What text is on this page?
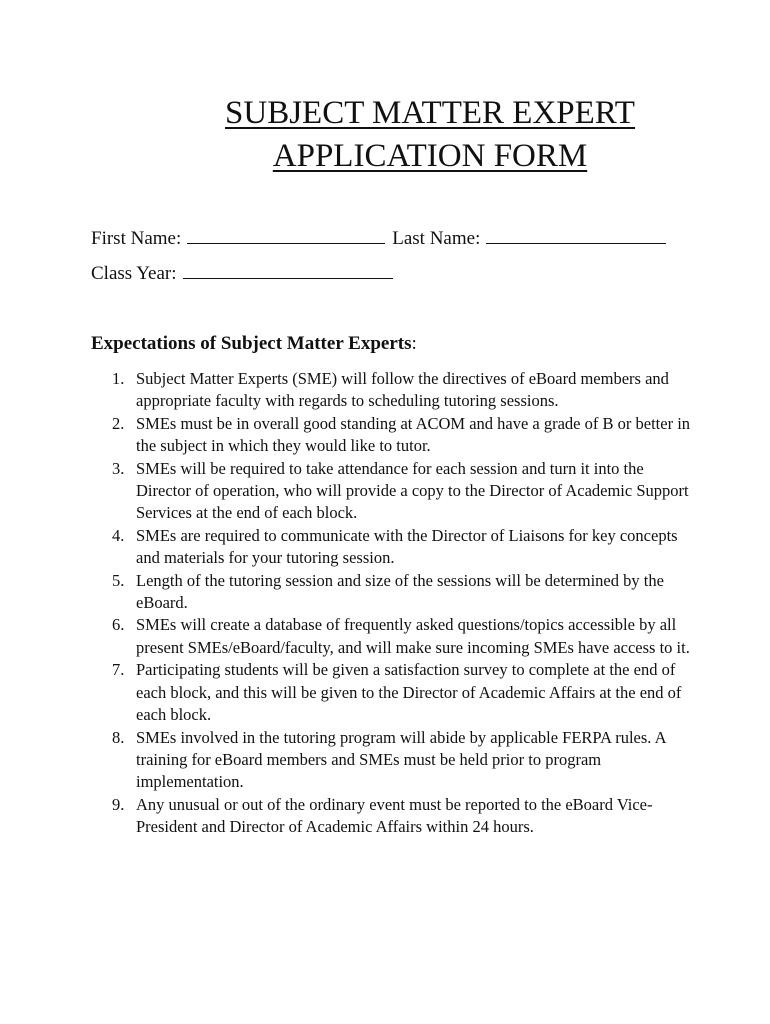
SUBJECT MATTER EXPERT
APPLICATION FORM
First Name:	Last Name:
Class Year:
Expectations of Subject Matter Experts:
1. Subject Matter Experts (SME) will follow the directives of eBoard members and appropriate faculty with regards to scheduling tutoring sessions.
2. SMEs must be in overall good standing at ACOM and have a grade of B or better in the subject in which they would like to tutor.
3. SMEs will be required to take attendance for each session and turn it into the Director of operation, who will provide a copy to the Director of Academic Support Services at the end of each block.
4. SMEs are required to communicate with the Director of Liaisons for key concepts and materials for your tutoring session.
5. Length of the tutoring session and size of the sessions will be determined by the eBoard.
6. SMEs will create a database of frequently asked questions/topics accessible by all present SMEs/eBoard/faculty, and will make sure incoming SMEs have access to it.
7. Participating students will be given a satisfaction survey to complete at the end of each block, and this will be given to the Director of Academic Affairs at the end of each block.
8. SMEs involved in the tutoring program will abide by applicable FERPA rules. A training for eBoard members and SMEs must be held prior to program implementation.
9. Any unusual or out of the ordinary event must be reported to the eBoard Vice-President and Director of Academic Affairs within 24 hours.
